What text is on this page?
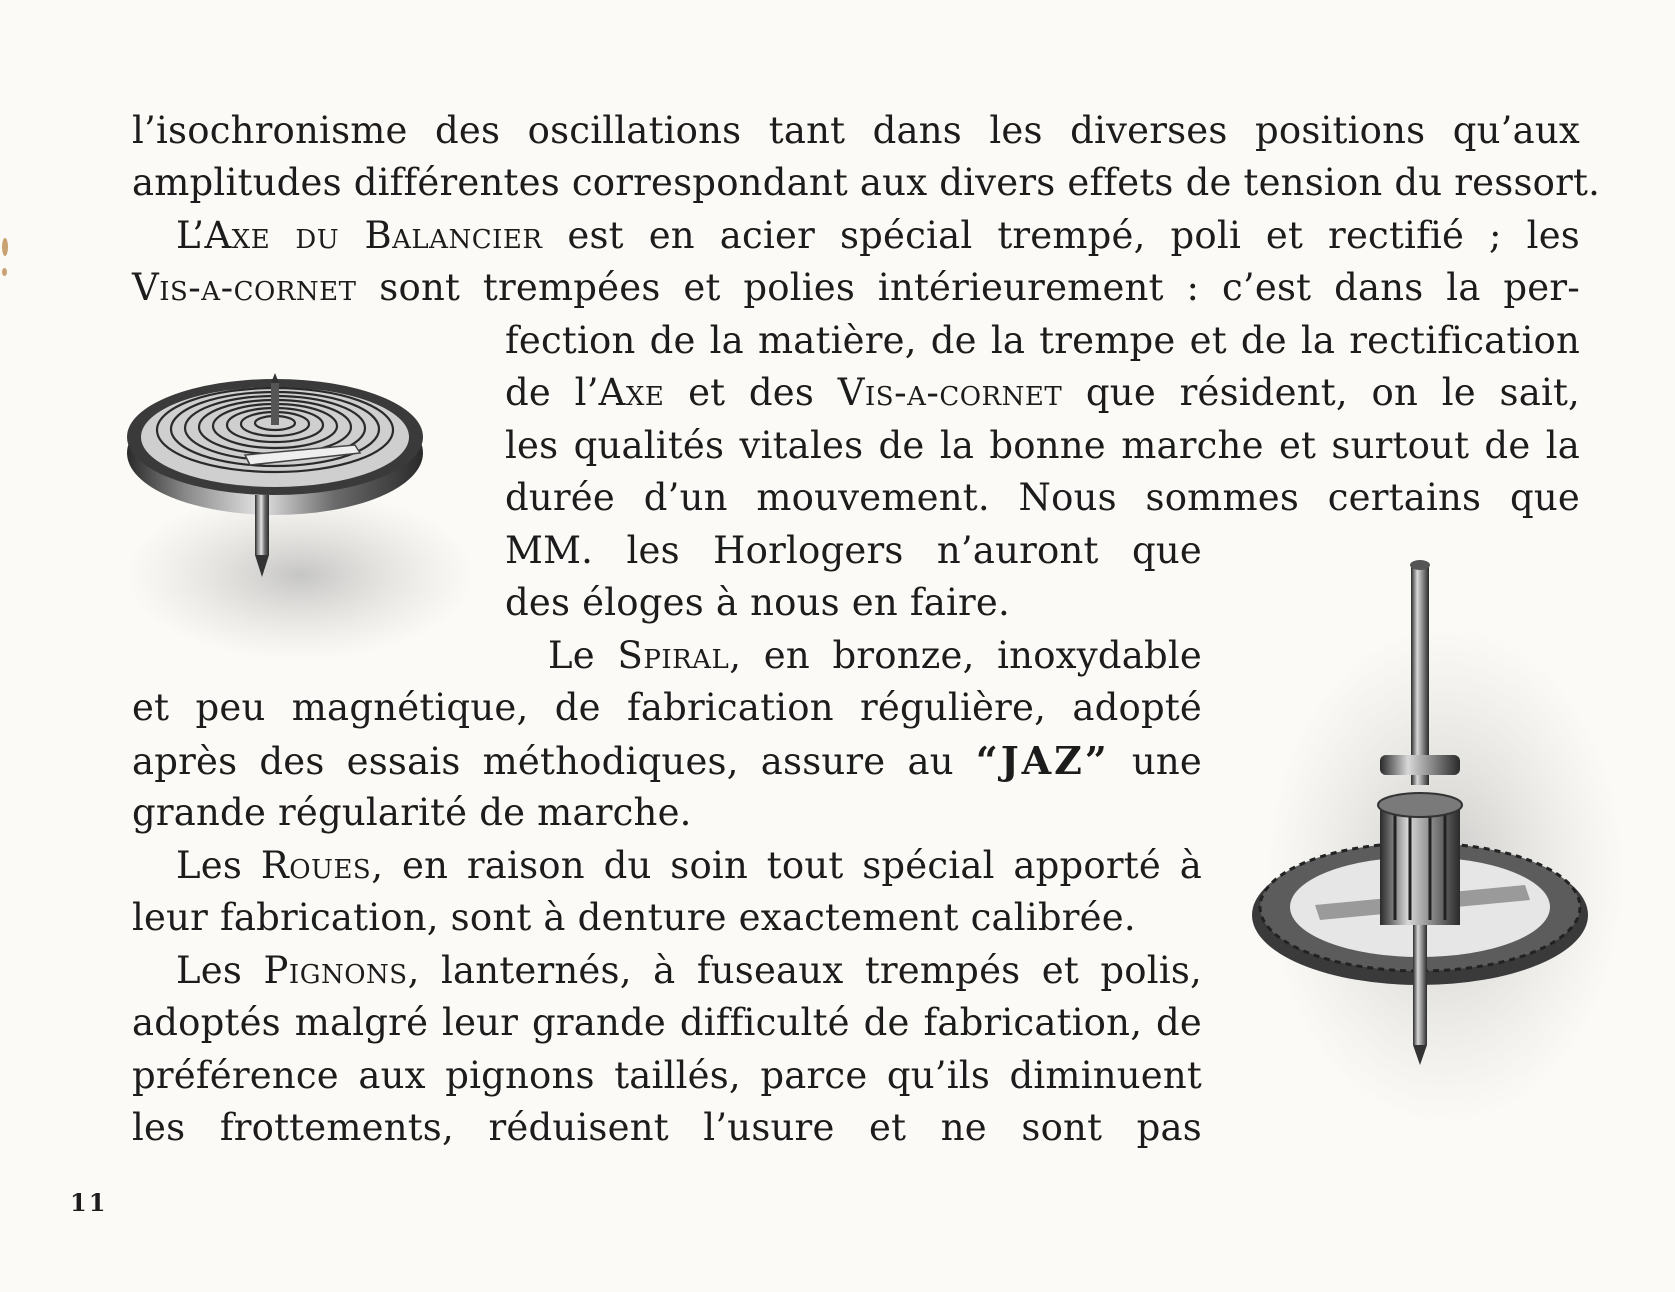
l’isochronisme des oscillations tant dans les diverses positions qu’aux
amplitudes différentes correspondant aux divers effets de tension du ressort.
L’Axe du Balancier est en acier spécial trempé, poli et rectifié ; les
Vis-a-cornet sont trempées et polies intérieurement : c’est dans la per-
fection de la matière, de la trempe et de la rectification
de l’Axe et des Vis-a-cornet que résident, on le sait,
les qualités vitales de la bonne marche et surtout de la
durée d’un mouvement. Nous sommes certains que
MM. les Horlogers n’auront que
des éloges à nous en faire.
Le Spiral, en bronze, inoxydable
et peu magnétique, de fabrication régulière, adopté
après des essais méthodiques, assure au “JAZ” une
grande régularité de marche.
Les Roues, en raison du soin tout spécial apporté à
leur fabrication, sont à denture exactement calibrée.
Les Pignons, lanternés, à fuseaux trempés et polis,
adoptés malgré leur grande difficulté de fabrication, de
préférence aux pignons taillés, parce qu’ils diminuent
les frottements, réduisent l’usure et ne sont pas
11
